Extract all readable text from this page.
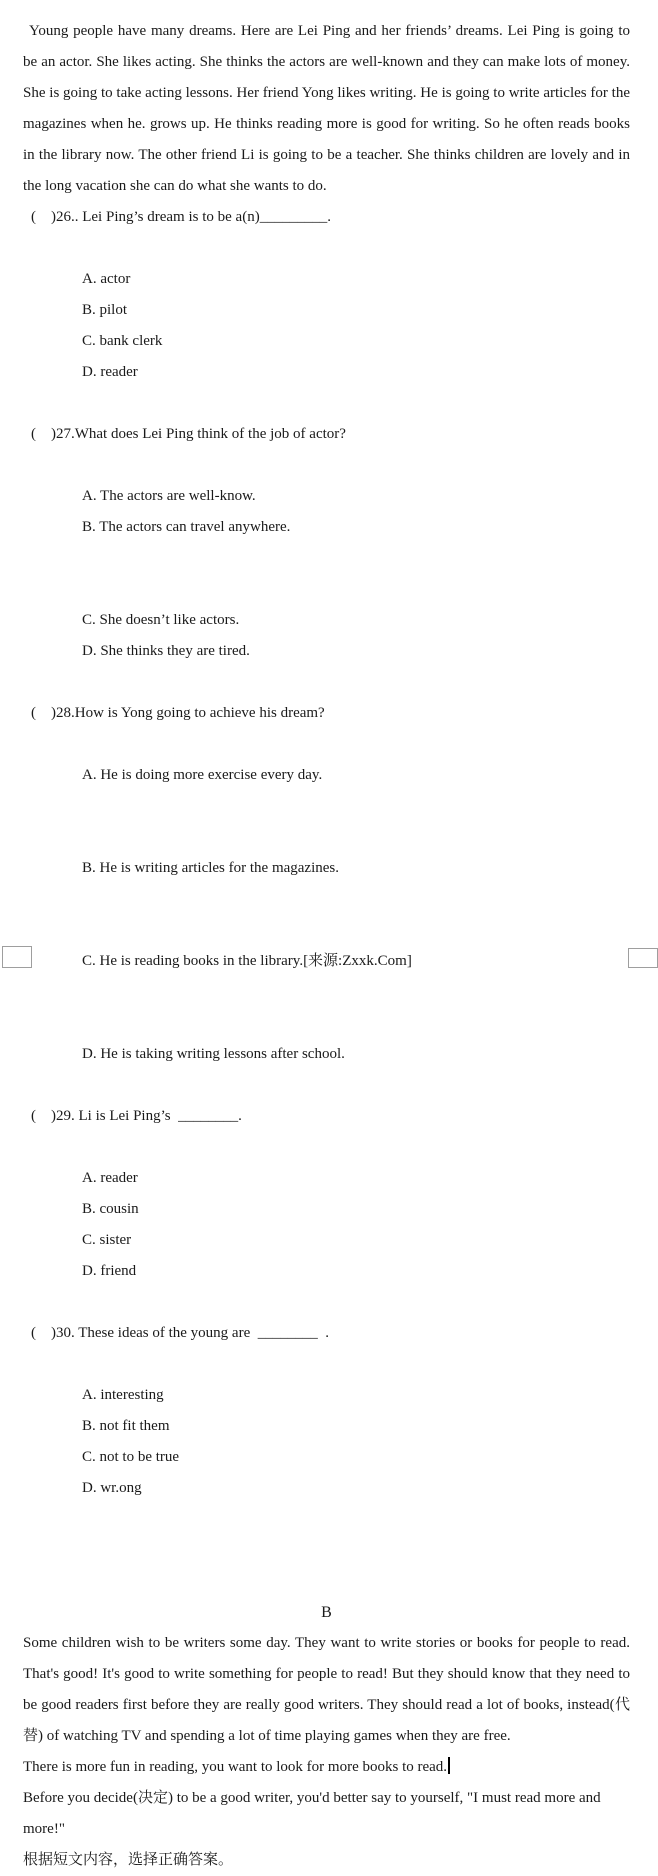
Young people have many dreams. Here are Lei Ping and her friends’ dreams. Lei Ping is going to be an actor. She likes acting. She thinks the actors are well-known and they can make lots of money. She is going to take acting lessons. Her friend Yong likes writing. He is going to write articles for the magazines when he. grows up. He thinks reading more is good for writing. So he often reads books in the library now. The other friend Li is going to be a teacher. She thinks children are lovely and in the long vacation she can do what she wants to do.
(    )26.. Lei Ping’s dream is to be a(n)_________.

A. actor
B. pilot
C. bank clerk
D. reader

(    )27.What does Lei Ping think of the job of actor?

A. The actors are well-know.
B. The actors can travel anywhere.

C. She doesn’t like actors.
D. She thinks they are tired.

(    )28.How is Yong going to achieve his dream?

A. He is doing more exercise every day.

B. He is writing articles for the magazines.

C. He is reading books in the library.[来源:Zxxk.Com]

D. He is taking writing lessons after school.

(    )29. Li is Lei Ping’s  ________.

A. reader
B. cousin
C. sister
D. friend

(    )30. These ideas of the young are  ________  .

A. interesting
B. not fit them
C. not to be true
D. wr.ong

B
Some children wish to be writers some day. They want to write stories or books for people to read. That's good! It's good to write something for people to read! But they should know that they need to be good readers first before they are really good writers. They should read a lot of books, instead(代替) of watching TV and spending a lot of time playing games when they are free.
There is more fun in reading, you want to look for more books to read.
Before you decide(决定) to be a good writer, you'd better say to yourself, "I must read more and more!"
根据短文内容，选择正确答案。
